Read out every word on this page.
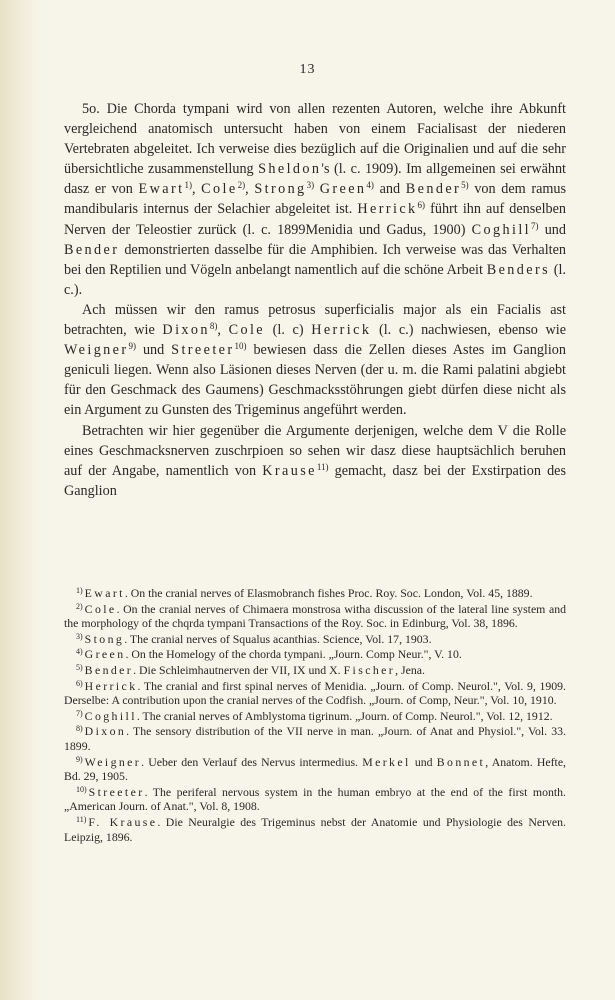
13

5o. Die Chorda tympani wird von allen rezenten Autoren, welche ihre Abkunft vergleichend anatomisch untersucht haben von einem Facialisast der niederen Vertebraten abgeleitet. Ich verweise dies bezüglich auf die Originalien und auf die sehr übersichtliche zusammenstellung Sheldon's (l. c. 1909). Im allgemeinen sei erwähnt dasz er von Ewart$^{1)}$, Cole$^{2)}$, Strong$^{3)}$ Green$^{4)}$ and Bender$^{5)}$ von dem ramus mandibularis internus der Selachier abgeleitet ist. Herrick$^{6)}$ führt ihn auf denselben Nerven der Teleostier zurück (l. c. 1899Menidia und Gadus, 1900) Coghill$^{7)}$ und Bender demonstrierten dasselbe für die Amphibien. Ich verweise was das Verhalten bei den Reptilien und Vögeln anbelangt namentlich auf die schöne Arbeit Benders (l. c.).

Ach müssen wir den ramus petrosus superficialis major als ein Facialis ast betrachten, wie Dixon$^{8)}$, Cole (l. c) Herrick (l. c.) nachwiesen, ebenso wie Weigner$^{9)}$ und Streeter$^{10)}$ bewiesen dass die Zellen dieses Astes im Ganglion geniculi liegen. Wenn also Läsionen dieses Nerven (der u. m. die Rami palatini abgiebt für den Geschmack des Gaumens) Geschmacksstöhrungen giebt dürfen diese nicht als ein Argument zu Gunsten des Trigeminus angeführt werden.

Betrachten wir hier gegenüber die Argumente derjenigen, welche dem V die Rolle eines Geschmacksnerven zuschrpioen so sehen wir dasz diese hauptsächlich beruhen auf der Angabe, namentlich von Krause$^{11)}$ gemacht, dasz bei der Exstirpation des Ganglion

$^{1)}$ Ewart. On the cranial nerves of Elasmobranch fishes Proc. Roy. Soc. London, Vol. 45, 1889.
$^{2)}$ Cole. On the cranial nerves of Chimaera monstrosa witha discussion of the lateral line system and the morphology of the chqrda tympani Transactions of the Roy. Soc. in Edinburg, Vol. 38, 1896.
$^{3)}$ Stong. The cranial nerves of Squalus acanthias. Science, Vol. 17, 1903.
$^{4)}$ Green. On the Homelogy of the chorda tympani. „Journ. Comp Neur.", V. 10.
$^{5)}$ Bender. Die Schleimhautnerven der VII, IX und X. Fischer, Jena.
$^{6)}$ Herrick. The cranial and first spinal nerves of Menidia. „Journ. of Comp. Neurol.", Vol. 9, 1909. Derselbe: A contribution upon the cranial nerves of the Codfish. „Journ. of Comp, Neur.", Vol. 10, 1910.
$^{7)}$ Coghill. The cranial nerves of Amblystoma tigrinum. „Journ. of Comp. Neurol.", Vol. 12, 1912.
$^{8)}$ Dixon. The sensory distribution of the VII nerve in man. „Journ. of Anat and Physiol.", Vol. 33. 1899.
$^{9)}$ Weigner. Ueber den Verlauf des Nervus intermedius. Merkel und Bonnet, Anatom. Hefte, Bd. 29, 1905.
$^{10)}$ Streeter. The periferal nervous system in the human embryo at the end of the first month. „American Journ. of Anat.", Vol. 8, 1908.
$^{11)}$ F. Krause. Die Neuralgie des Trigeminus nebst der Anatomie und Physiologie des Nerven. Leipzig, 1896.
